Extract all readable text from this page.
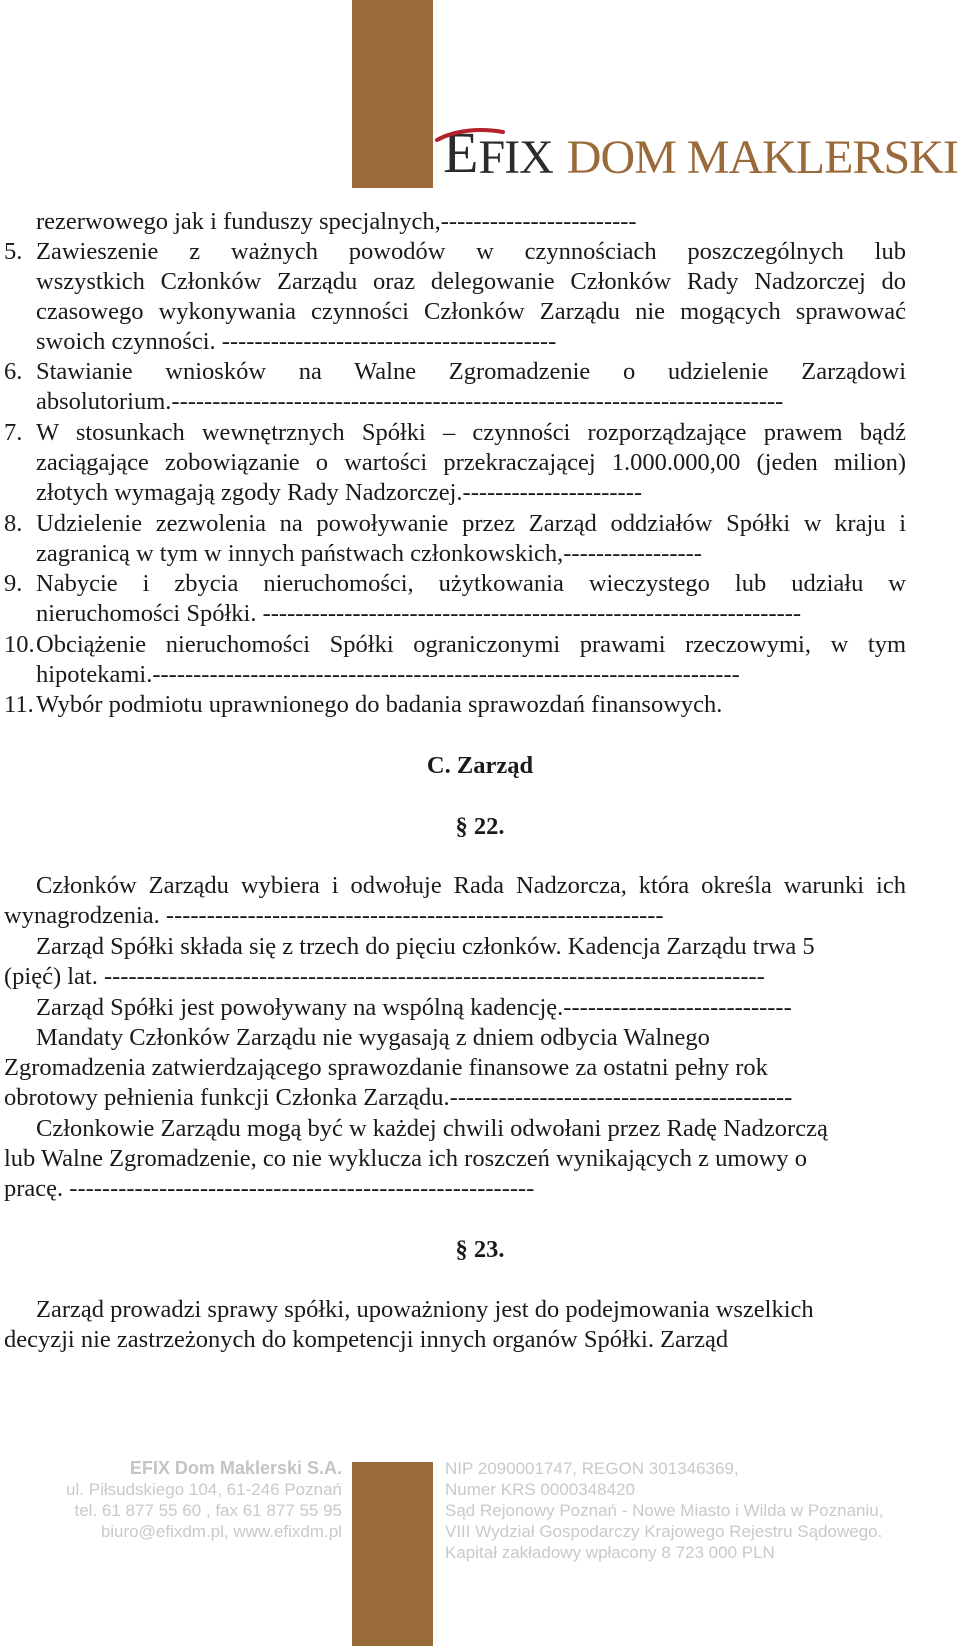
E FIX DOM MAKLERSKI
rezerwowego jak i funduszy specjalnych,------------------------
5. Zawieszenie z ważnych powodów w czynnościach poszczególnych lub
wszystkich Członków Zarządu oraz delegowanie Członków Rady Nadzorczej do
czasowego wykonywania czynności Członków Zarządu nie mogących sprawować
swoich czynności. -----------------------------------------
6. Stawianie wniosków na Walne Zgromadzenie o udzielenie Zarządowi
absolutorium.---------------------------------------------------------------------------
7. W stosunkach wewnętrznych Spółki – czynności rozporządzające prawem bądź
zaciągające zobowiązanie o wartości przekraczającej 1.000.000,00 (jeden milion)
złotych wymagają zgody Rady Nadzorczej.----------------------
8. Udzielenie zezwolenia na powoływanie przez Zarząd oddziałów Spółki w kraju i
zagranicą w tym w innych państwach członkowskich,-----------------
9. Nabycie i zbycia nieruchomości, użytkowania wieczystego lub udziału w
nieruchomości Spółki. ------------------------------------------------------------------
10. Obciążenie nieruchomości Spółki ograniczonymi prawami rzeczowymi, w tym
hipotekami.------------------------------------------------------------------------
11. Wybór podmiotu uprawnionego do badania sprawozdań finansowych.
C. Zarząd
§ 22.
Członków Zarządu wybiera i odwołuje Rada Nadzorcza, która określa warunki ich
wynagrodzenia. -------------------------------------------------------------
Zarząd Spółki składa się z trzech do pięciu członków. Kadencja Zarządu trwa 5
(pięć) lat. ---------------------------------------------------------------------------------
Zarząd Spółki jest powoływany na wspólną kadencję.----------------------------
Mandaty Członków Zarządu nie wygasają z dniem odbycia Walnego
Zgromadzenia zatwierdzającego sprawozdanie finansowe za ostatni pełny rok
obrotowy pełnienia funkcji Członka Zarządu.------------------------------------------
Członkowie Zarządu mogą być w każdej chwili odwołani przez Radę Nadzorczą
lub Walne Zgromadzenie, co nie wyklucza ich roszczeń wynikających z umowy o
pracę. ---------------------------------------------------------
§ 23.
Zarząd prowadzi sprawy spółki, upoważniony jest do podejmowania wszelkich
decyzji nie zastrzeżonych do kompetencji innych organów Spółki. Zarząd
EFIX Dom Maklerski S.A.
ul. Piłsudskiego 104, 61-246 Poznań
tel. 61 877 55 60 , fax 61 877 55 95
biuro@efixdm.pl, www.efixdm.pl
NIP 2090001747, REGON 301346369,
Numer KRS 0000348420
Sąd Rejonowy Poznań - Nowe Miasto i Wilda w Poznaniu,
VIII Wydział Gospodarczy Krajowego Rejestru Sądowego.
Kapitał zakładowy wpłacony 8 723 000 PLN
